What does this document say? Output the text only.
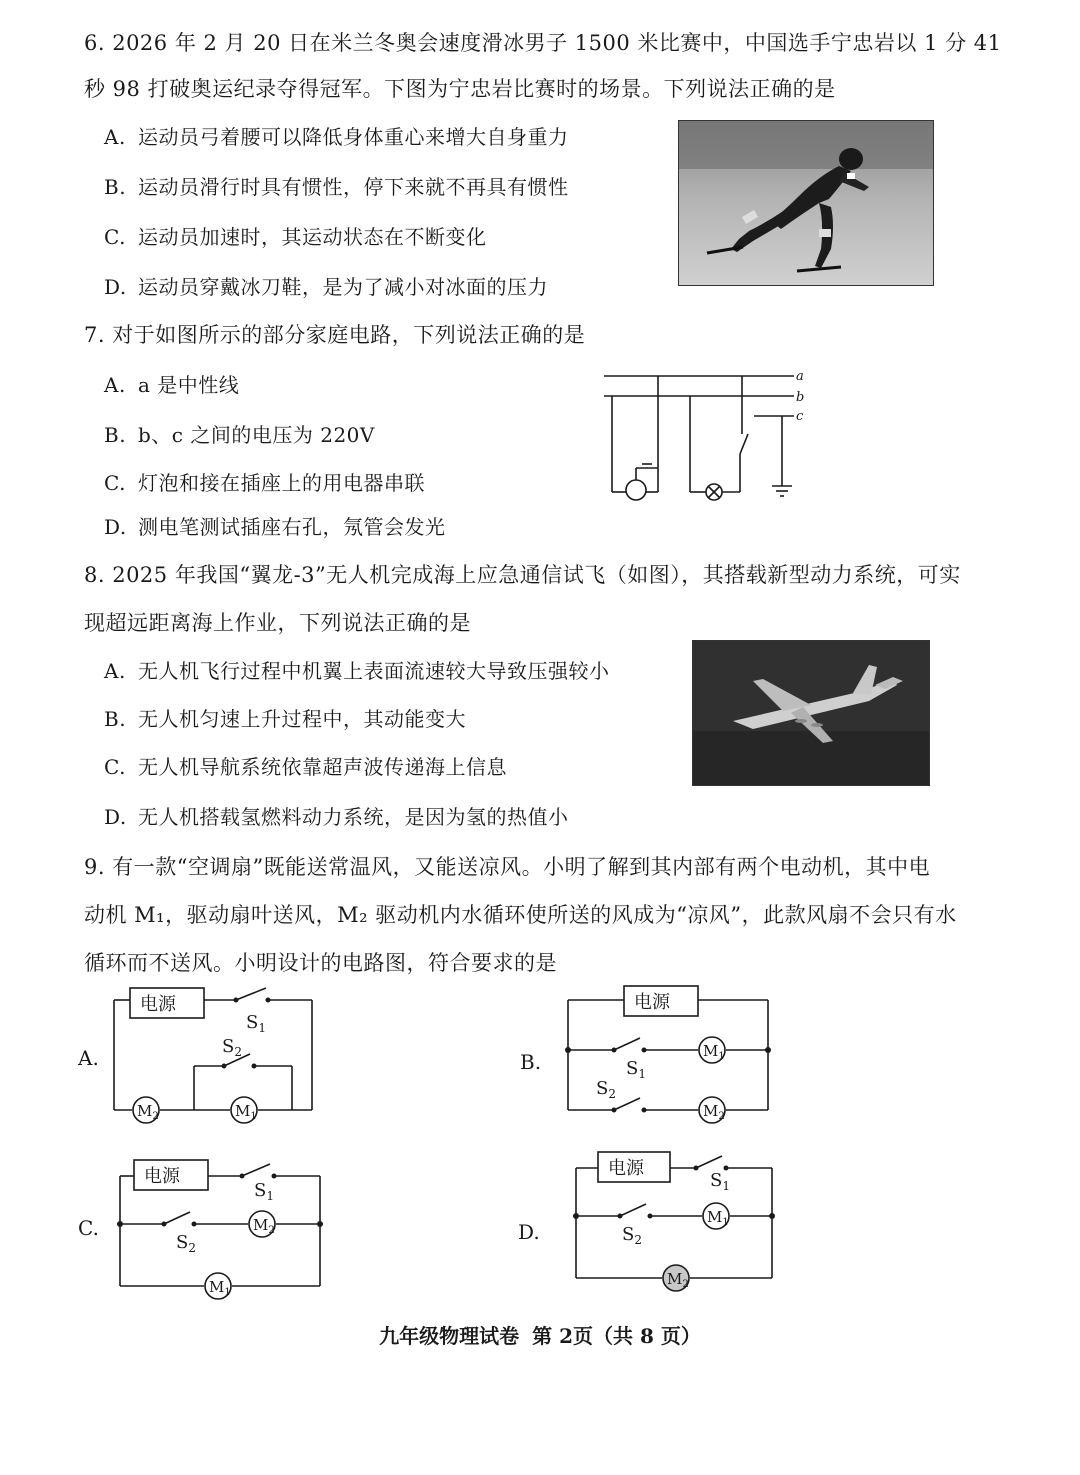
6. 2026 年 2 月 20 日在米兰冬奥会速度滑冰男子 1500 米比赛中，中国选手宁忠岩以 1 分 41
秒 98 打破奥运纪录夺得冠军。下图为宁忠岩比赛时的场景。下列说法正确的是
A. 运动员弓着腰可以降低身体重心来增大自身重力
B. 运动员滑行时具有惯性，停下来就不再具有惯性
C. 运动员加速时，其运动状态在不断变化
D. 运动员穿戴冰刀鞋，是为了减小对冰面的压力
7. 对于如图所示的部分家庭电路，下列说法正确的是
A. a 是中性线
B. b、c 之间的电压为 220V
C. 灯泡和接在插座上的用电器串联
D. 测电笔测试插座右孔，氖管会发光
a
b
c
8. 2025 年我国“翼龙-3”无人机完成海上应急通信试飞（如图），其搭载新型动力系统，可实
现超远距离海上作业，下列说法正确的是
A. 无人机飞行过程中机翼上表面流速较大导致压强较小
B. 无人机匀速上升过程中，其动能变大
C. 无人机导航系统依靠超声波传递海上信息
D. 无人机搭载氢燃料动力系统，是因为氢的热值小
9. 有一款“空调扇”既能送常温风，又能送凉风。小明了解到其内部有两个电动机，其中电
动机 M₁，驱动扇叶送风，M₂ 驱动机内水循环使所送的风成为“凉风”，此款风扇不会只有水
循环而不送风。小明设计的电路图，符合要求的是
A.	B.
C.	D.
电源
$S_1$
$S_2$
$M_2$	$M_1$
电源
$S_1$
$S_2$
$M_1$
$M_2$
电源
$S_1$
$S_2$
$M_2$
$M_1$
电源
$S_1$
$S_2$
$M_1$
$M_2$
九年级物理试卷 第 2页（共 8 页）
